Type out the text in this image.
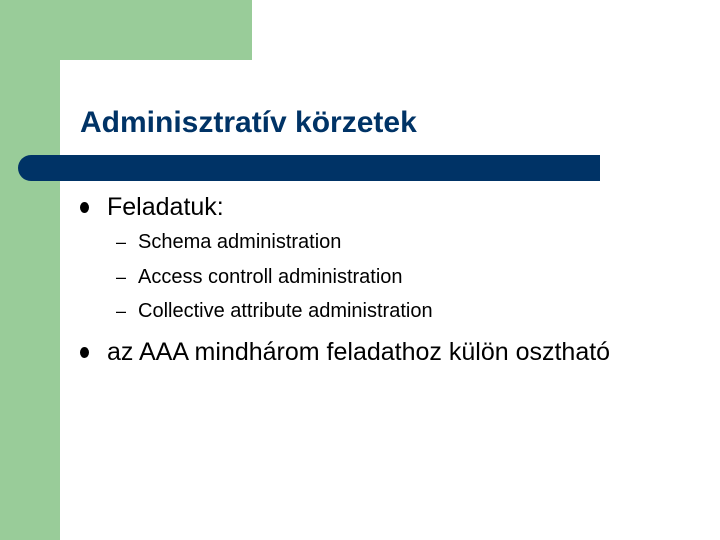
Adminisztratív körzetek
Feladatuk:
– Schema administration
– Access controll administration
– Collective attribute administration
az AAA mindhárom feladathoz külön osztható
